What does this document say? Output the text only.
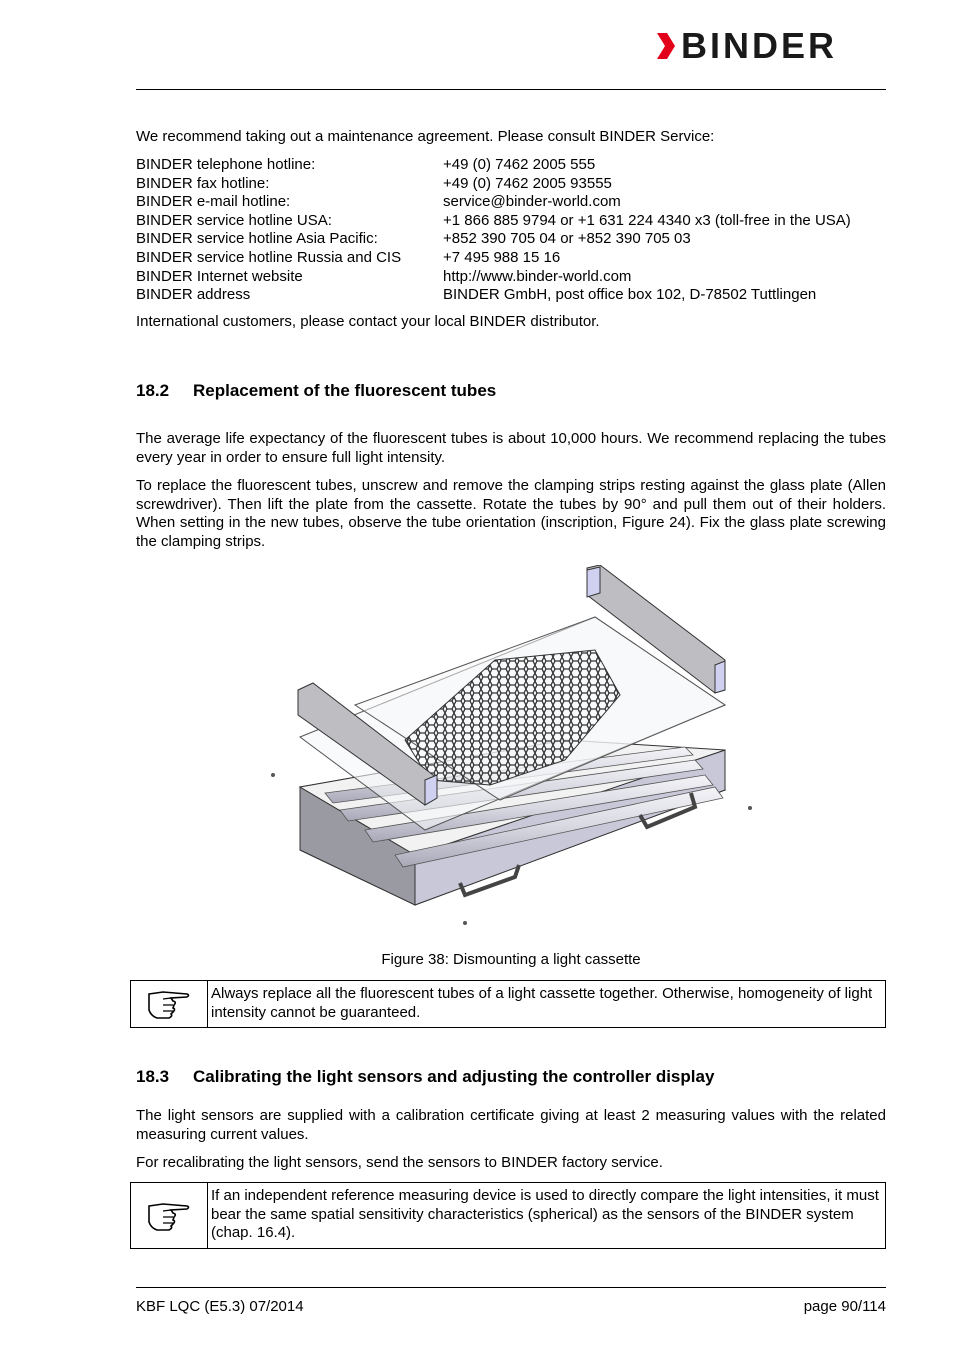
BINDER

We recommend taking out a maintenance agreement. Please consult BINDER Service:

BINDER telephone hotline:	+49 (0) 7462 2005 555
BINDER fax hotline:	+49 (0) 7462 2005 93555
BINDER e-mail hotline:	service@binder-world.com
BINDER service hotline USA:	+1 866 885 9794 or +1 631 224 4340 x3 (toll-free in the USA)
BINDER service hotline Asia Pacific:	+852 390 705 04 or +852 390 705 03
BINDER service hotline Russia and CIS	+7 495 988 15 16
BINDER Internet website	http://www.binder-world.com
BINDER address	BINDER GmbH, post office box 102, D-78502 Tuttlingen

International customers, please contact your local BINDER distributor.

18.2 Replacement of the fluorescent tubes

The average life expectancy of the fluorescent tubes is about 10,000 hours. We recommend replacing the tubes every year in order to ensure full light intensity.

To replace the fluorescent tubes, unscrew and remove the clamping strips resting against the glass plate (Allen screwdriver). Then lift the plate from the cassette. Rotate the tubes by 90° and pull them out of their holders. When setting in the new tubes, observe the tube orientation (inscription, Figure 24). Fix the glass plate screwing the clamping strips.

Figure 38: Dismounting a light cassette
Always replace all the fluorescent tubes of a light cassette together. Otherwise, homogeneity of light intensity cannot be guaranteed.
18.3 Calibrating the light sensors and adjusting the controller display

The light sensors are supplied with a calibration certificate giving at least 2 measuring values with the related measuring current values.

For recalibrating the light sensors, send the sensors to BINDER factory service.

If an independent reference measuring device is used to directly compare the light intensities, it must bear the same spatial sensitivity characteristics (spherical) as the sensors of the BINDER system (chap. 16.4).
KBF LQC (E5.3) 07/2014	page 90/114
